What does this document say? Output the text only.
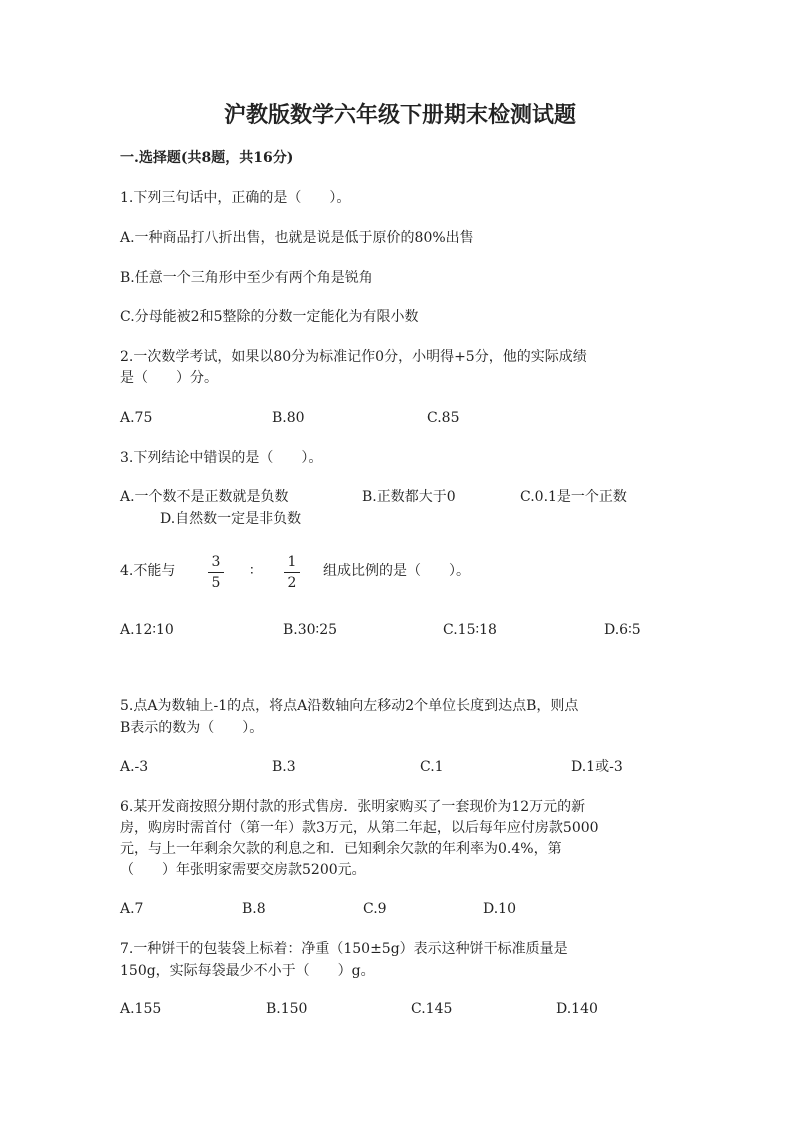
沪教版数学六年级下册期末检测试题
一.选择题(共8题，共16分)
1.下列三句话中，正确的是（　　）。
A.一种商品打八折出售，也就是说是低于原价的80%出售
B.任意一个三角形中至少有两个角是锐角
C.分母能被2和5整除的分数一定能化为有限小数
2.一次数学考试，如果以80分为标准记作0分，小明得+5分，他的实际成绩
是（　　）分。
A.75	B.80	C.85
3.下列结论中错误的是（　　）。
A.一个数不是正数就是负数	B.正数都大于0	C.0.1是一个正数
D.自然数一定是非负数
4.不能与
3
5
∶
1
2
组成比例的是（　　）。
A.12∶10	B.30∶25	C.15∶18	D.6∶5
5.点A为数轴上-1的点，将点A沿数轴向左移动2个单位长度到达点B，则点
B表示的数为（　　）。
A.-3	B.3	C.1	D.1或-3
6.某开发商按照分期付款的形式售房．张明家购买了一套现价为12万元的新
房，购房时需首付（第一年）款3万元，从第二年起，以后每年应付房款5000
元，与上一年剩余欠款的利息之和．已知剩余欠款的年利率为0.4%，第
（　　）年张明家需要交房款5200元。
A.7	B.8	C.9	D.10
7.一种饼干的包装袋上标着：净重（150±5g）表示这种饼干标准质量是
150g，实际每袋最少不小于（　　）g。
A.155	B.150	C.145	D.140
